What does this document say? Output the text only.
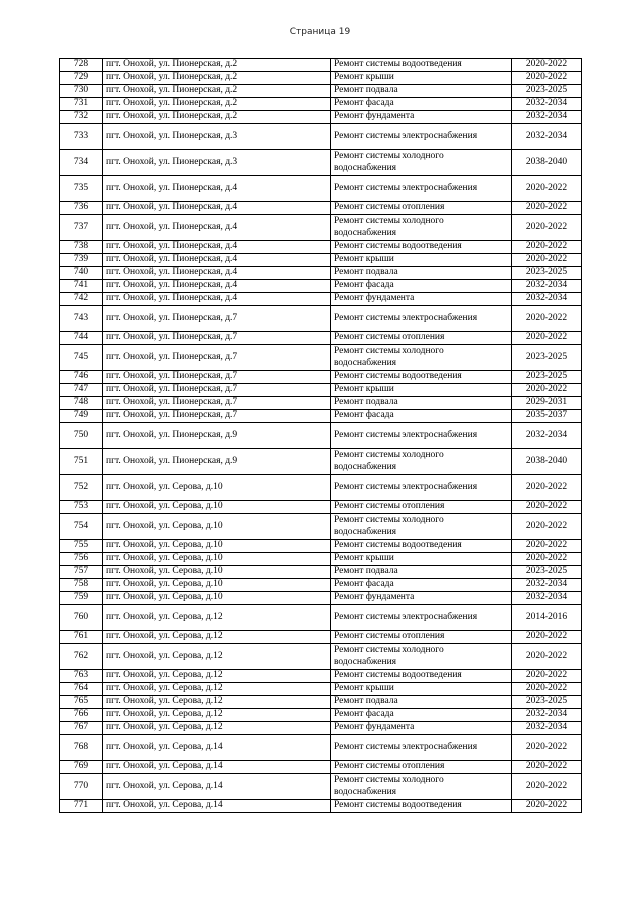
Страница 19
728	пгт. Онохой, ул. Пионерская, д.2	Ремонт системы водоотведения	2020-2022
729	пгт. Онохой, ул. Пионерская, д.2	Ремонт крыши	2020-2022
730	пгт. Онохой, ул. Пионерская, д.2	Ремонт подвала	2023-2025
731	пгт. Онохой, ул. Пионерская, д.2	Ремонт фасада	2032-2034
732	пгт. Онохой, ул. Пионерская, д.2	Ремонт фундамента	2032-2034
733	пгт. Онохой, ул. Пионерская, д.3	Ремонт системы электроснабжения	2032-2034
734	пгт. Онохой, ул. Пионерская, д.3	Ремонт системы холодного водоснабжения	2038-2040
735	пгт. Онохой, ул. Пионерская, д.4	Ремонт системы электроснабжения	2020-2022
736	пгт. Онохой, ул. Пионерская, д.4	Ремонт системы отопления	2020-2022
737	пгт. Онохой, ул. Пионерская, д.4	Ремонт системы холодного водоснабжения	2020-2022
738	пгт. Онохой, ул. Пионерская, д.4	Ремонт системы водоотведения	2020-2022
739	пгт. Онохой, ул. Пионерская, д.4	Ремонт крыши	2020-2022
740	пгт. Онохой, ул. Пионерская, д.4	Ремонт подвала	2023-2025
741	пгт. Онохой, ул. Пионерская, д.4	Ремонт фасада	2032-2034
742	пгт. Онохой, ул. Пионерская, д.4	Ремонт фундамента	2032-2034
743	пгт. Онохой, ул. Пионерская, д.7	Ремонт системы электроснабжения	2020-2022
744	пгт. Онохой, ул. Пионерская, д.7	Ремонт системы отопления	2020-2022
745	пгт. Онохой, ул. Пионерская, д.7	Ремонт системы холодного водоснабжения	2023-2025
746	пгт. Онохой, ул. Пионерская, д.7	Ремонт системы водоотведения	2023-2025
747	пгт. Онохой, ул. Пионерская, д.7	Ремонт крыши	2020-2022
748	пгт. Онохой, ул. Пионерская, д.7	Ремонт подвала	2029-2031
749	пгт. Онохой, ул. Пионерская, д.7	Ремонт фасада	2035-2037
750	пгт. Онохой, ул. Пионерская, д.9	Ремонт системы электроснабжения	2032-2034
751	пгт. Онохой, ул. Пионерская, д.9	Ремонт системы холодного водоснабжения	2038-2040
752	пгт. Онохой, ул. Серова, д.10	Ремонт системы электроснабжения	2020-2022
753	пгт. Онохой, ул. Серова, д.10	Ремонт системы отопления	2020-2022
754	пгт. Онохой, ул. Серова, д.10	Ремонт системы холодного водоснабжения	2020-2022
755	пгт. Онохой, ул. Серова, д.10	Ремонт системы водоотведения	2020-2022
756	пгт. Онохой, ул. Серова, д.10	Ремонт крыши	2020-2022
757	пгт. Онохой, ул. Серова, д.10	Ремонт подвала	2023-2025
758	пгт. Онохой, ул. Серова, д.10	Ремонт фасада	2032-2034
759	пгт. Онохой, ул. Серова, д.10	Ремонт фундамента	2032-2034
760	пгт. Онохой, ул. Серова, д.12	Ремонт системы электроснабжения	2014-2016
761	пгт. Онохой, ул. Серова, д.12	Ремонт системы отопления	2020-2022
762	пгт. Онохой, ул. Серова, д.12	Ремонт системы холодного водоснабжения	2020-2022
763	пгт. Онохой, ул. Серова, д.12	Ремонт системы водоотведения	2020-2022
764	пгт. Онохой, ул. Серова, д.12	Ремонт крыши	2020-2022
765	пгт. Онохой, ул. Серова, д.12	Ремонт подвала	2023-2025
766	пгт. Онохой, ул. Серова, д.12	Ремонт фасада	2032-2034
767	пгт. Онохой, ул. Серова, д.12	Ремонт фундамента	2032-2034
768	пгт. Онохой, ул. Серова, д.14	Ремонт системы электроснабжения	2020-2022
769	пгт. Онохой, ул. Серова, д.14	Ремонт системы отопления	2020-2022
770	пгт. Онохой, ул. Серова, д.14	Ремонт системы холодного водоснабжения	2020-2022
771	пгт. Онохой, ул. Серова, д.14	Ремонт системы водоотведения	2020-2022
